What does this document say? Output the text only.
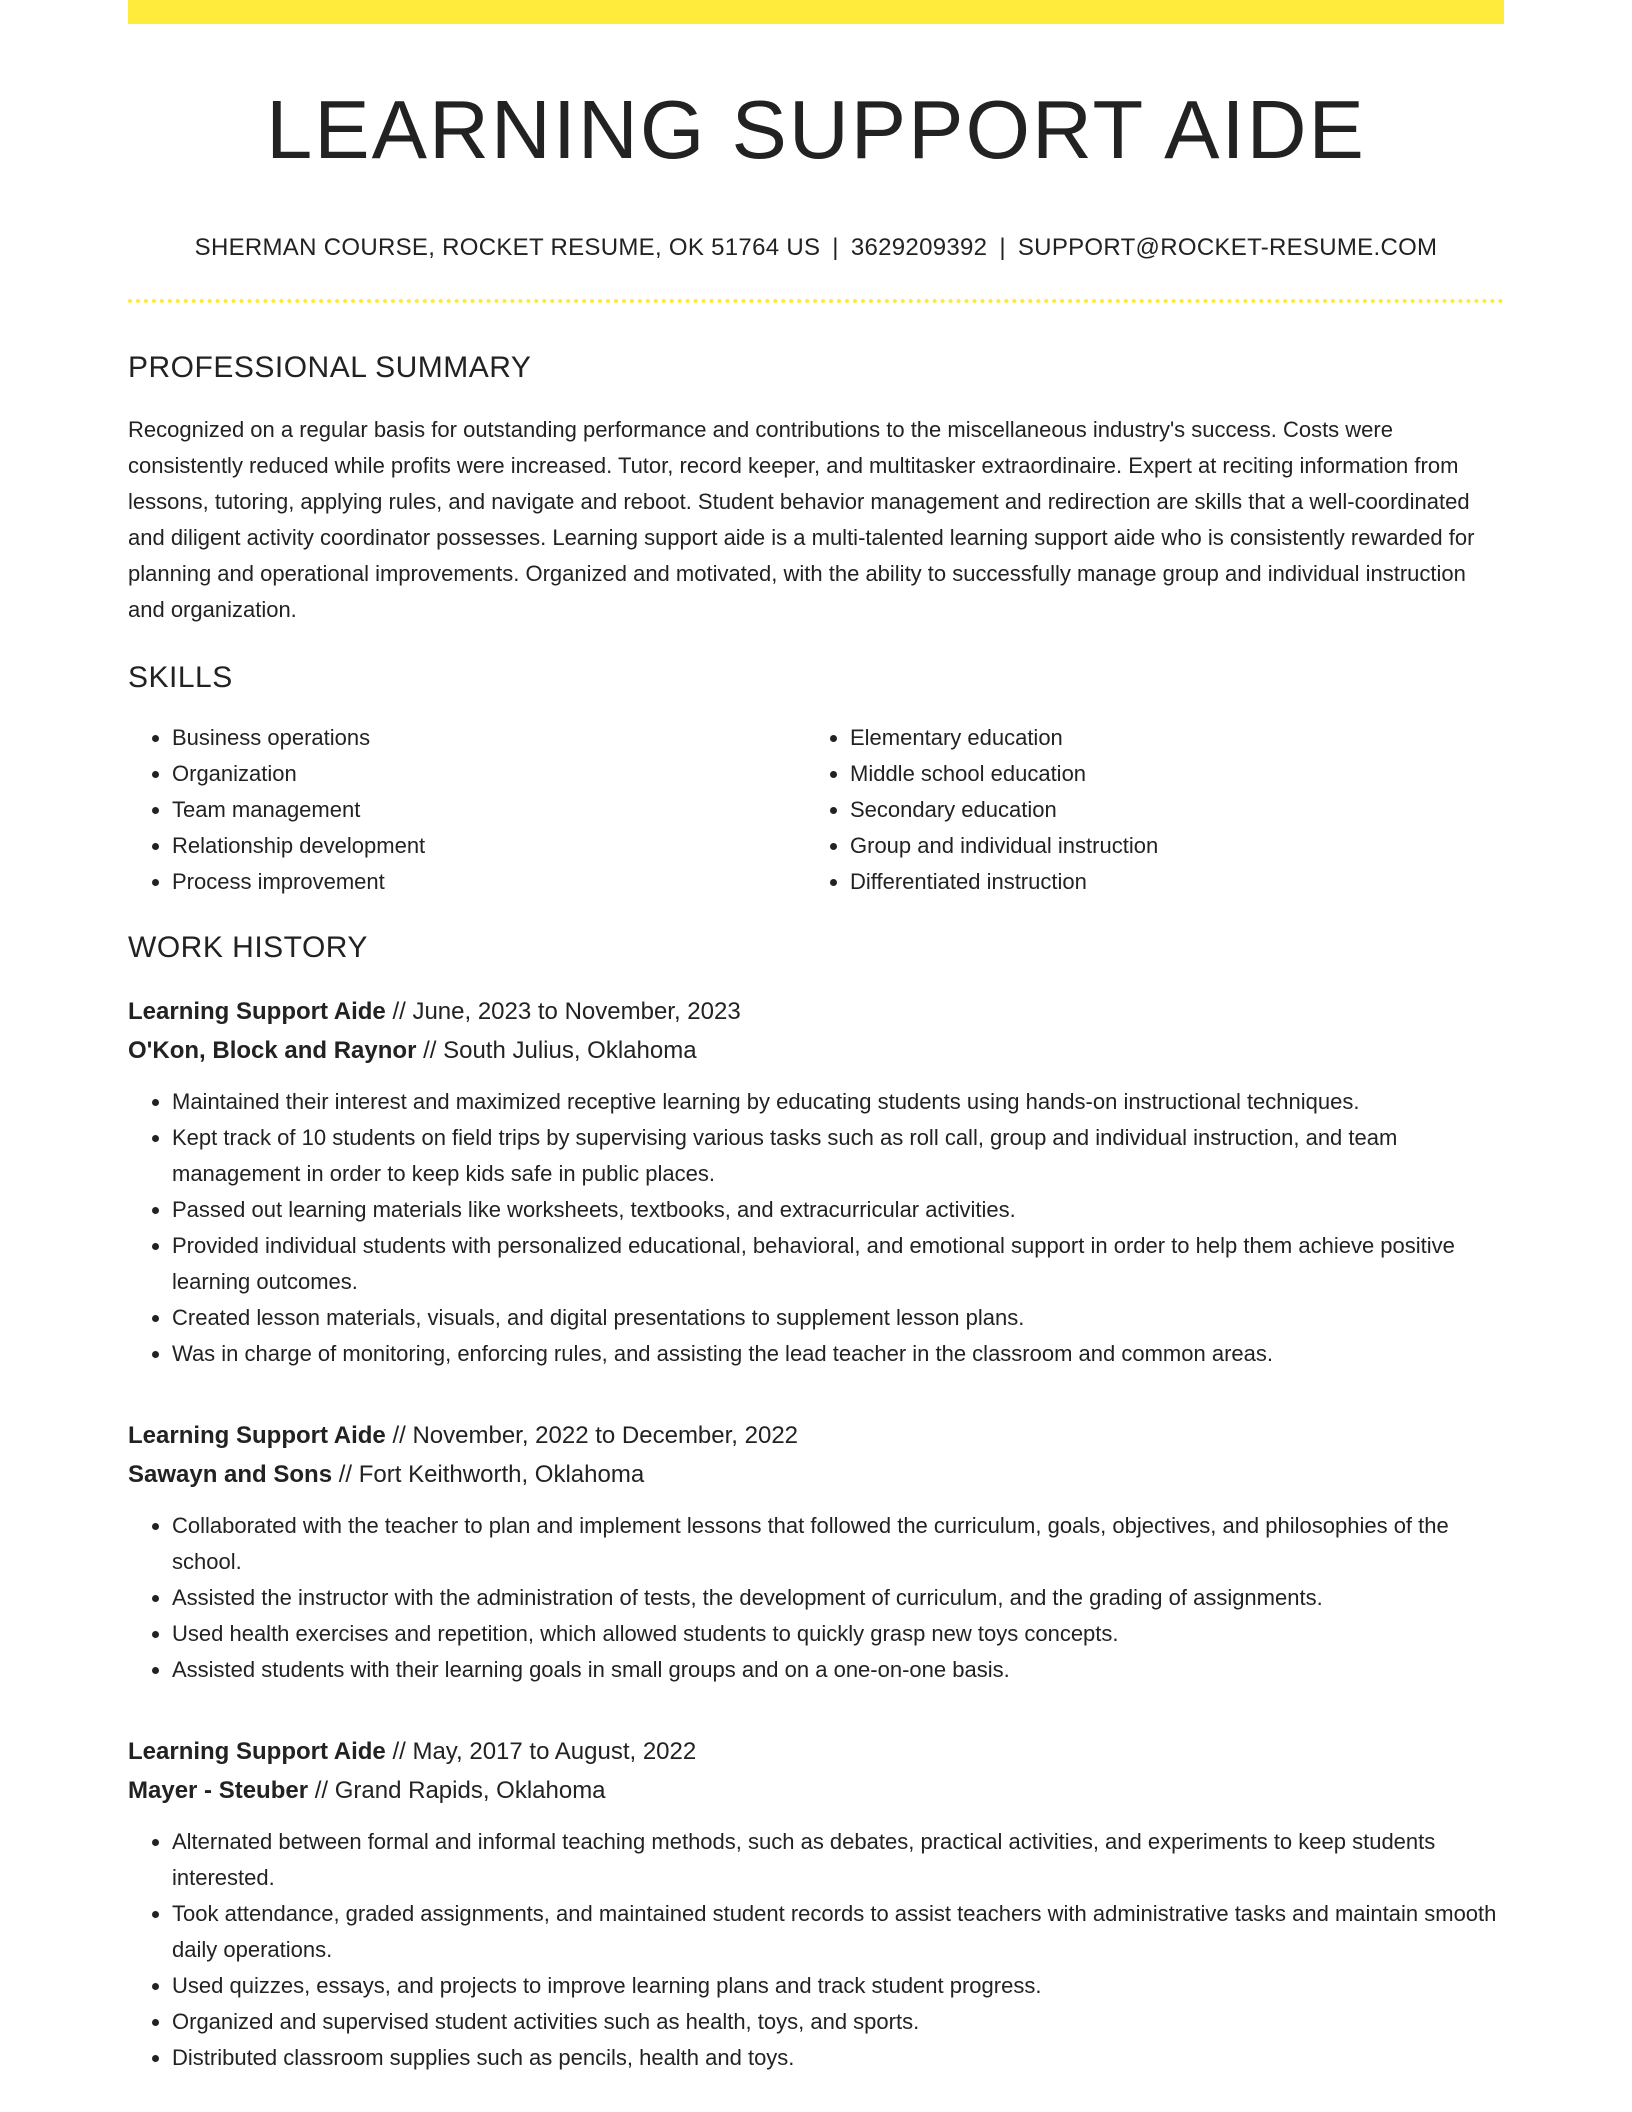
LEARNING SUPPORT AIDE
SHERMAN COURSE, ROCKET RESUME, OK 51764 US | 3629209392 | SUPPORT@ROCKET-RESUME.COM
PROFESSIONAL SUMMARY

Recognized on a regular basis for outstanding performance and contributions to the miscellaneous industry's success. Costs were consistently reduced while profits were increased. Tutor, record keeper, and multitasker extraordinaire. Expert at reciting information from lessons, tutoring, applying rules, and navigate and reboot. Student behavior management and redirection are skills that a well-coordinated and diligent activity coordinator possesses. Learning support aide is a multi-talented learning support aide who is consistently rewarded for planning and operational improvements. Organized and motivated, with the ability to successfully manage group and individual instruction and organization.

SKILLS
• Business operations
• Organization
• Team management
• Relationship development
• Process improvement
• Elementary education
• Middle school education
• Secondary education
• Group and individual instruction
• Differentiated instruction
WORK HISTORY
Learning Support Aide // June, 2023 to November, 2023
O'Kon, Block and Raynor // South Julius, Oklahoma
• Maintained their interest and maximized receptive learning by educating students using hands-on instructional techniques.
• Kept track of 10 students on field trips by supervising various tasks such as roll call, group and individual instruction, and team management in order to keep kids safe in public places.
• Passed out learning materials like worksheets, textbooks, and extracurricular activities.
• Provided individual students with personalized educational, behavioral, and emotional support in order to help them achieve positive learning outcomes.
• Created lesson materials, visuals, and digital presentations to supplement lesson plans.
• Was in charge of monitoring, enforcing rules, and assisting the lead teacher in the classroom and common areas.
Learning Support Aide // November, 2022 to December, 2022
Sawayn and Sons // Fort Keithworth, Oklahoma
• Collaborated with the teacher to plan and implement lessons that followed the curriculum, goals, objectives, and philosophies of the school.
• Assisted the instructor with the administration of tests, the development of curriculum, and the grading of assignments.
• Used health exercises and repetition, which allowed students to quickly grasp new toys concepts.
• Assisted students with their learning goals in small groups and on a one-on-one basis.
Learning Support Aide // May, 2017 to August, 2022
Mayer - Steuber // Grand Rapids, Oklahoma
• Alternated between formal and informal teaching methods, such as debates, practical activities, and experiments to keep students interested.
• Took attendance, graded assignments, and maintained student records to assist teachers with administrative tasks and maintain smooth daily operations.
• Used quizzes, essays, and projects to improve learning plans and track student progress.
• Organized and supervised student activities such as health, toys, and sports.
• Distributed classroom supplies such as pencils, health and toys.
